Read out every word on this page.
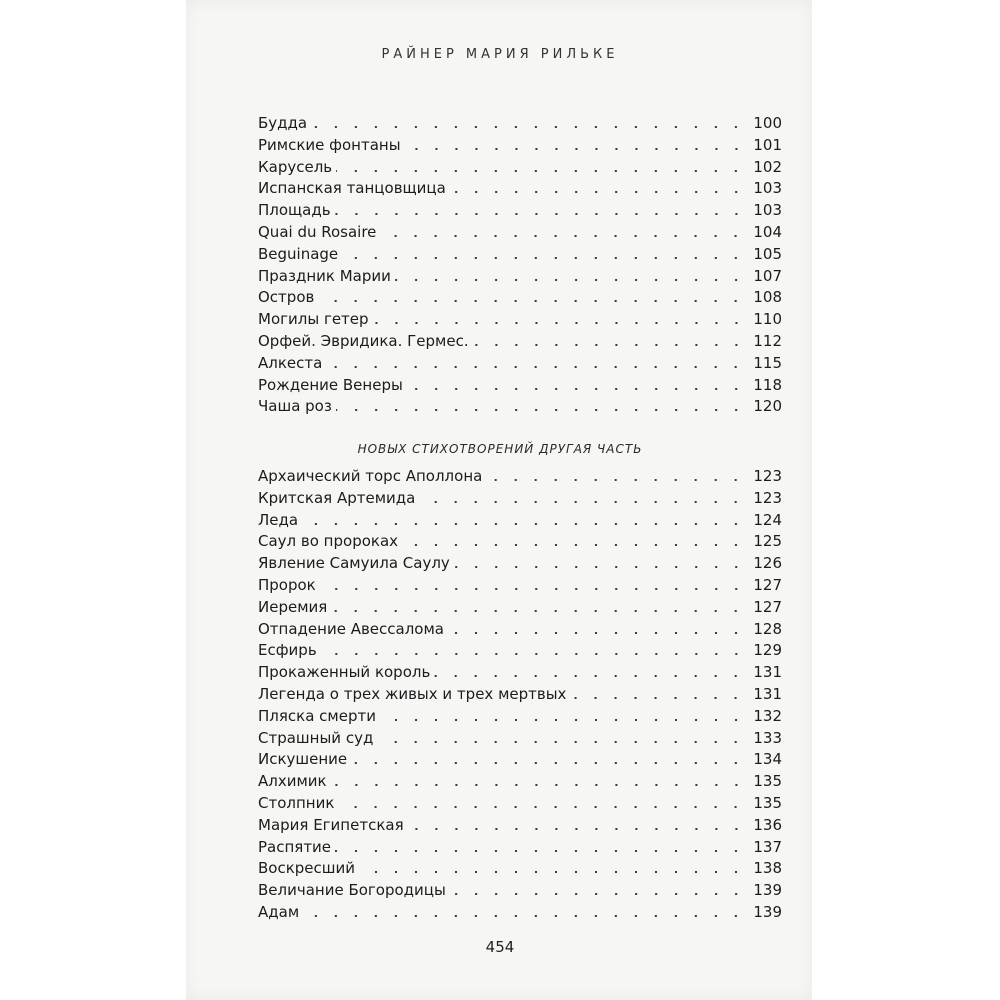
РАЙНЕР МАРИЯ РИЛЬКЕ
Будда	100
Римские фонтаны	101
Карусель	102
Испанская танцовщица	103
Площадь	103
Quai du Rosaire	104
Beguinage	105
Праздник Марии	107
Остров	108
Могилы гетер	110
Орфей. Эвридика. Гермес.	112
Алкеста	115
Рождение Венеры	118
Чаша роз	120
НОВЫХ СТИХОТВОРЕНИЙ ДРУГАЯ ЧАСТЬ
Архаический торс Аполлона	123
Критская Артемида	123
Леда	124
Саул во пророках	125
Явление Самуила Саулу	126
Пророк	127
Иеремия	127
Отпадение Авессалома	128
Есфирь	129
Прокаженный король	131
Легенда о трех живых и трех мертвых	131
Пляска смерти	132
Страшный суд	133
Искушение	134
Алхимик	135
Столпник	135
Мария Египетская	136
Распятие	137
Воскресший	138
Величание Богородицы	139
Адам	139
454
